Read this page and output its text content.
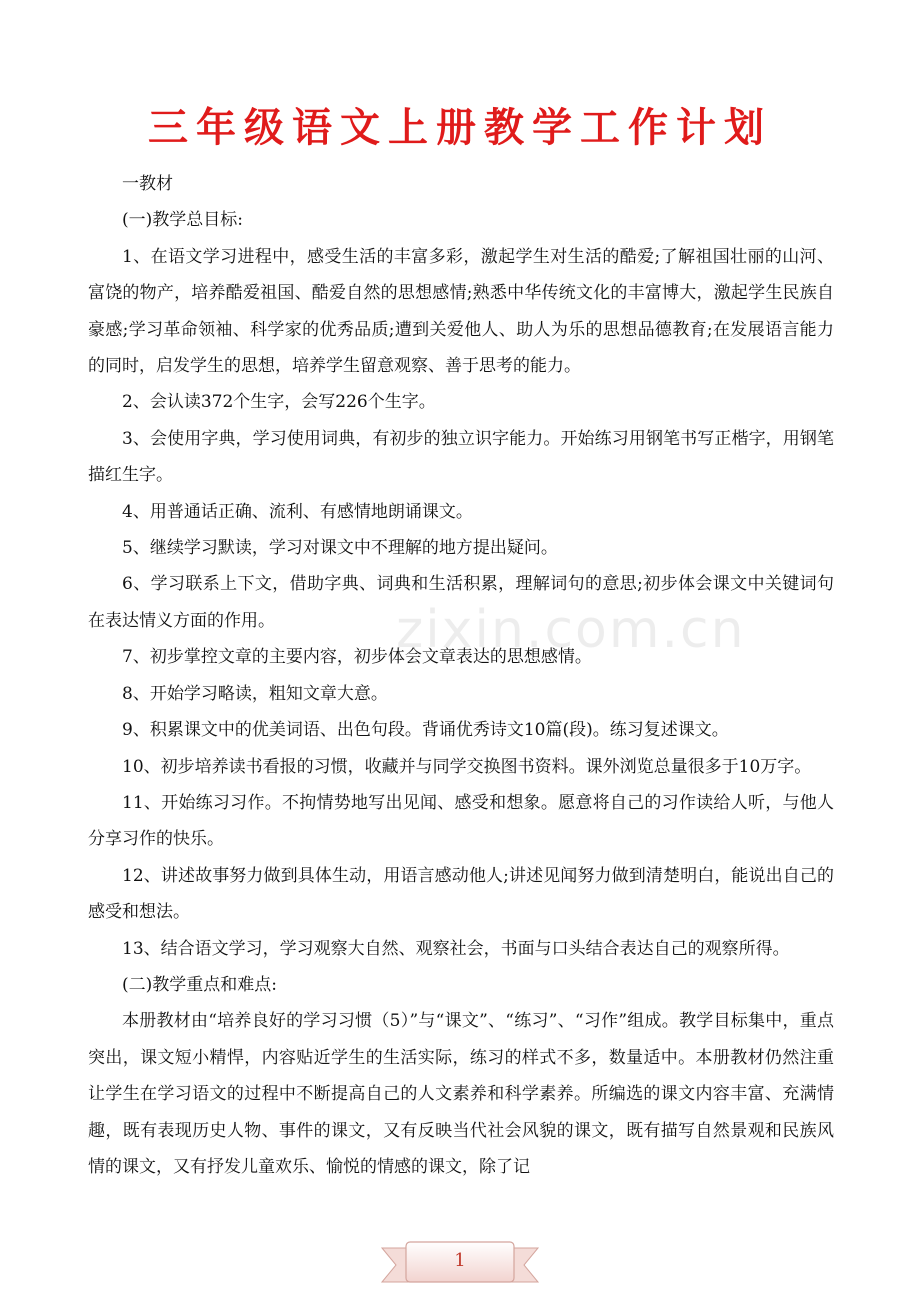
三年级语文上册教学工作计划
zixin.com.cn

一教材

(一)教学总目标:

1、在语文学习进程中，感受生活的丰富多彩，激起学生对生活的酷爱;了解祖国壮丽的山河、富饶的物产，培养酷爱祖国、酷爱自然的思想感情;熟悉中华传统文化的丰富博大，激起学生民族自豪感;学习革命领袖、科学家的优秀品质;遭到关爱他人、助人为乐的思想品德教育;在发展语言能力的同时，启发学生的思想，培养学生留意观察、善于思考的能力。

2、会认读372个生字，会写226个生字。

3、会使用字典，学习使用词典，有初步的独立识字能力。开始练习用钢笔书写正楷字，用钢笔描红生字。

4、用普通话正确、流利、有感情地朗诵课文。

5、继续学习默读，学习对课文中不理解的地方提出疑问。

6、学习联系上下文，借助字典、词典和生活积累，理解词句的意思;初步体会课文中关键词句在表达情义方面的作用。

7、初步掌控文章的主要内容，初步体会文章表达的思想感情。

8、开始学习略读，粗知文章大意。

9、积累课文中的优美词语、出色句段。背诵优秀诗文10篇(段)。练习复述课文。

10、初步培养读书看报的习惯，收藏并与同学交换图书资料。课外浏览总量很多于10万字。

11、开始练习习作。不拘情势地写出见闻、感受和想象。愿意将自己的习作读给人听，与他人分享习作的快乐。

12、讲述故事努力做到具体生动，用语言感动他人;讲述见闻努力做到清楚明白，能说出自己的感受和想法。

13、结合语文学习，学习观察大自然、观察社会，书面与口头结合表达自己的观察所得。

(二)教学重点和难点:

本册教材由“培养良好的学习习惯（5）”与“课文”、“练习”、“习作”组成。教学目标集中，重点突出，课文短小精悍，内容贴近学生的生活实际，练习的样式不多，数量适中。本册教材仍然注重让学生在学习语文的过程中不断提高自己的人文素养和科学素养。所编选的课文内容丰富、充满情趣，既有表现历史人物、事件的课文，又有反映当代社会风貌的课文，既有描写自然景观和民族风情的课文，又有抒发儿童欢乐、愉悦的情感的课文，除了记

1
